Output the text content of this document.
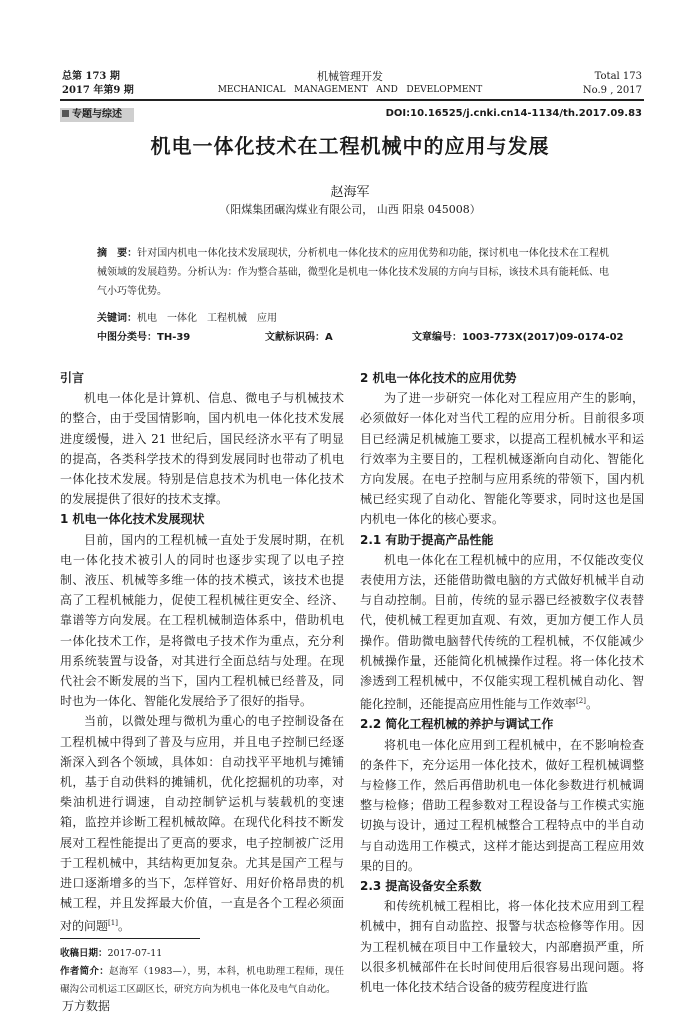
总第 173 期
2017 年第9 期
机械管理开发
MECHANICAL   MANAGEMENT   AND   DEVELOPMENT
Total 173
No.9 , 2017
专题与综述	DOI:10.16525/j.cnki.cn14-1134/th.2017.09.83
机电一体化技术在工程机械中的应用与发展
赵海军
（阳煤集团碾沟煤业有限公司， 山西 阳泉 045008）
摘　要：针对国内机电一体化技术发展现状，分析机电一体化技术的应用优势和功能，探讨机电一体化技术在工程机械领域的发展趋势。分析认为：作为整合基础，微型化是机电一体化技术发展的方向与目标，该技术具有能耗低、电气小巧等优势。
关键词：机电　一体化　工程机械　应用
中图分类号：TH-39	文献标识码：A	文章编号：1003-773X(2017)09-0174-02
引言

机电一体化是计算机、信息、微电子与机械技术的整合，由于受国情影响，国内机电一体化技术发展进度缓慢，进入 21 世纪后，国民经济水平有了明显的提高，各类科学技术的得到发展同时也带动了机电一体化技术发展。特别是信息技术为机电一体化技术的发展提供了很好的技术支撑。

1 机电一体化技术发展现状

目前，国内的工程机械一直处于发展时期，在机电一体化技术被引人的同时也逐步实现了以电子控制、液压、机械等多维一体的技术模式，该技术也提高了工程机械能力，促使工程机械往更安全、经济、靠谱等方向发展。在工程机械制造体系中，借助机电一体化技术工作，是将微电子技术作为重点，充分利用系统装置与设备，对其进行全面总结与处理。在现代社会不断发展的当下，国内工程机械已经普及，同时也为一体化、智能化发展给予了很好的指导。

当前，以微处理与微机为重心的电子控制设备在工程机械中得到了普及与应用，并且电子控制已经逐渐深入到各个领域，具体如：自动找平平地机与摊铺机，基于自动供料的摊铺机，优化挖掘机的功率，对柴油机进行调速，自动控制铲运机与装载机的变速箱，监控并诊断工程机械故障。在现代化科技不断发展对工程性能提出了更高的要求，电子控制被广泛用于工程机械中，其结构更加复杂。尤其是国产工程与进口逐渐增多的当下，怎样管好、用好价格昂贵的机械工程，并且发挥最大价值，一直是各个工程必须面对的问题[1]。

收稿日期：2017-07-11
作者简介：赵海军（1983—），男，本科，机电助理工程师，现任碾沟公司机运工区副区长，研究方向为机电一体化及电气自动化。
2 机电一体化技术的应用优势

为了进一步研究一体化对工程应用产生的影响，必须做好一体化对当代工程的应用分析。目前很多项目已经满足机械施工要求，以提高工程机械水平和运行效率为主要目的，工程机械逐渐向自动化、智能化方向发展。在电子控制与应用系统的带领下，国内机械已经实现了自动化、智能化等要求，同时这也是国内机电一体化的核心要求。

2.1 有助于提高产品性能

机电一体化在工程机械中的应用，不仅能改变仪表使用方法，还能借助微电脑的方式做好机械半自动与自动控制。目前，传统的显示器已经被数字仪表替代，使机械工程更加直观、有效，更加方便工作人员操作。借助微电脑替代传统的工程机械，不仅能减少机械操作量，还能简化机械操作过程。将一体化技术渗透到工程机械中，不仅能实现工程机械自动化、智能化控制，还能提高应用性能与工作效率[2]。

2.2 简化工程机械的养护与调试工作

将机电一体化应用到工程机械中，在不影响检查的条件下，充分运用一体化技术，做好工程机械调整与检修工作，然后再借助机电一体化参数进行机械调整与检修；借助工程参数对工程设备与工作模式实施切换与设计，通过工程机械整合工程特点中的半自动与自动选用工作模式，这样才能达到提高工程应用效果的目的。

2.3 提高设备安全系数

和传统机械工程相比，将一体化技术应用到工程机械中，拥有自动监控、报警与状态检修等作用。因为工程机械在项目中工作量较大，内部磨损严重，所以很多机械部件在长时间使用后很容易出现问题。将机电一体化技术结合设备的疲劳程度进行监

万方数据
